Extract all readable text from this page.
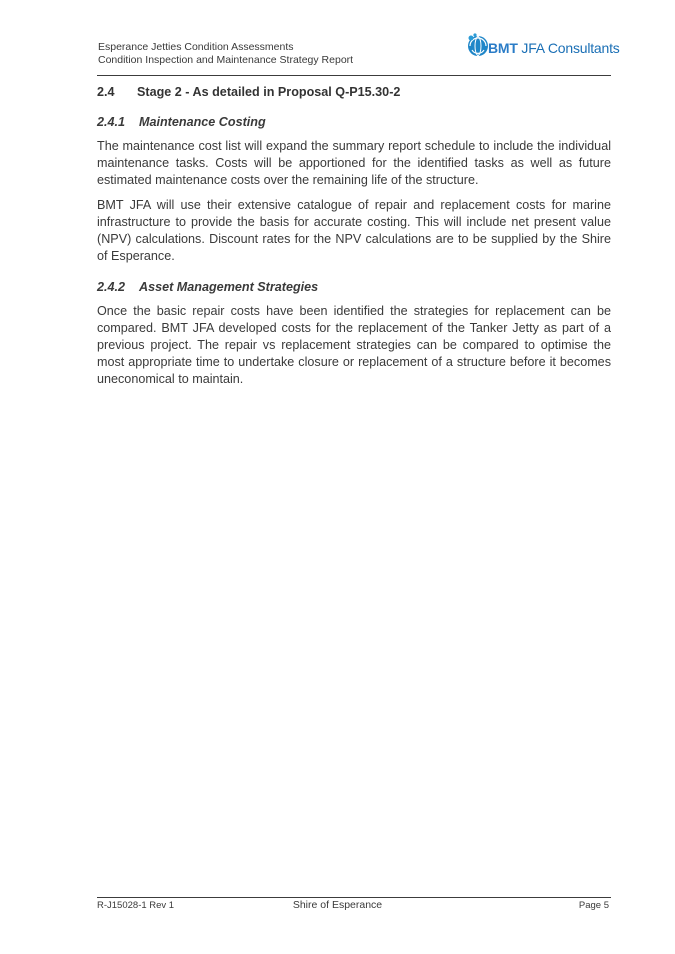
Esperance Jetties Condition Assessments
Condition Inspection and Maintenance Strategy Report
BMT JFA Consultants
2.4 Stage 2 - As detailed in Proposal Q-P15.30-2
2.4.1 Maintenance Costing

The maintenance cost list will expand the summary report schedule to include the individual maintenance tasks. Costs will be apportioned for the identified tasks as well as future estimated maintenance costs over the remaining life of the structure.

BMT JFA will use their extensive catalogue of repair and replacement costs for marine infrastructure to provide the basis for accurate costing. This will include net present value (NPV) calculations. Discount rates for the NPV calculations are to be supplied by the Shire of Esperance.

2.4.2 Asset Management Strategies

Once the basic repair costs have been identified the strategies for replacement can be compared. BMT JFA developed costs for the replacement of the Tanker Jetty as part of a previous project. The repair vs replacement strategies can be compared to optimise the most appropriate time to undertake closure or replacement of a structure before it becomes uneconomical to maintain.

R-J15028-1 Rev 1	Shire of Esperance	Page 5
